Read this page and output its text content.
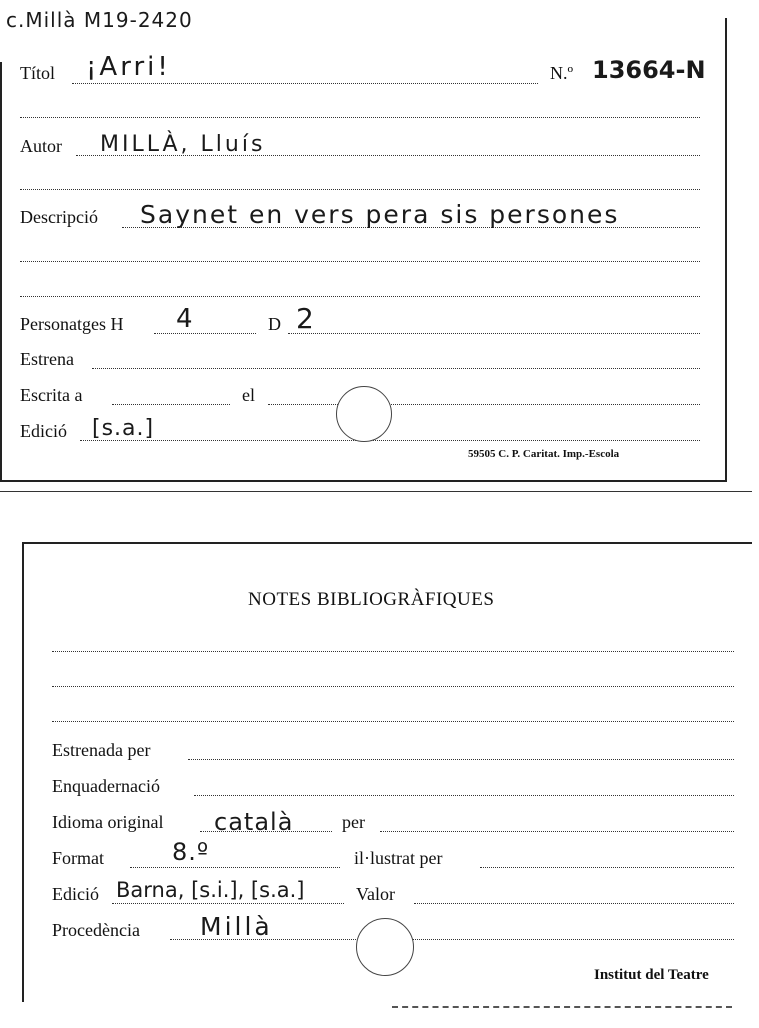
c.Millà M19-2420
Títol ¡Arri!	N.º 13664-N
Autor MILLÀ, Lluís
Descripció Saynet en vers pera sis persones
Personatges H 4	D 2
Estrena
Escrita a	el
Edició [s.a.]
59505 C. P. Caritat. Imp.-Escola
NOTES BIBLIOGRÀFIQUES
Estrenada per
Enquadernació
Idioma original català	per
Format	8.º	il·lustrat per
Edició Barna, [s.i.], [s.a.]	Valor
Procedència Millà
Institut del Teatre
